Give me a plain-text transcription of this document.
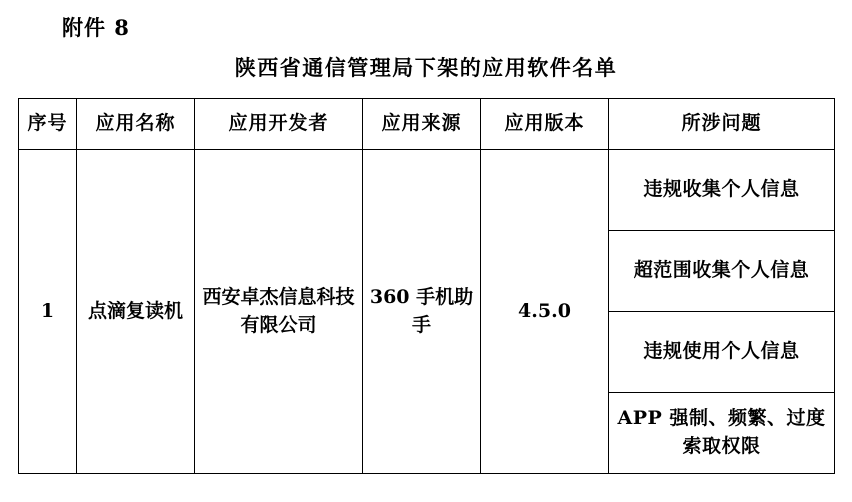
附件 8
陕西省通信管理局下架的应用软件名单
序号	应用名称	应用开发者	应用来源	应用版本	所涉问题
1	点滴复读机	西安卓杰信息科技有限公司	360 手机助手	4.5.0	违规收集个人信息

					超范围收集个人信息

					违规使用个人信息

					APP 强制、频繁、过度索取权限
